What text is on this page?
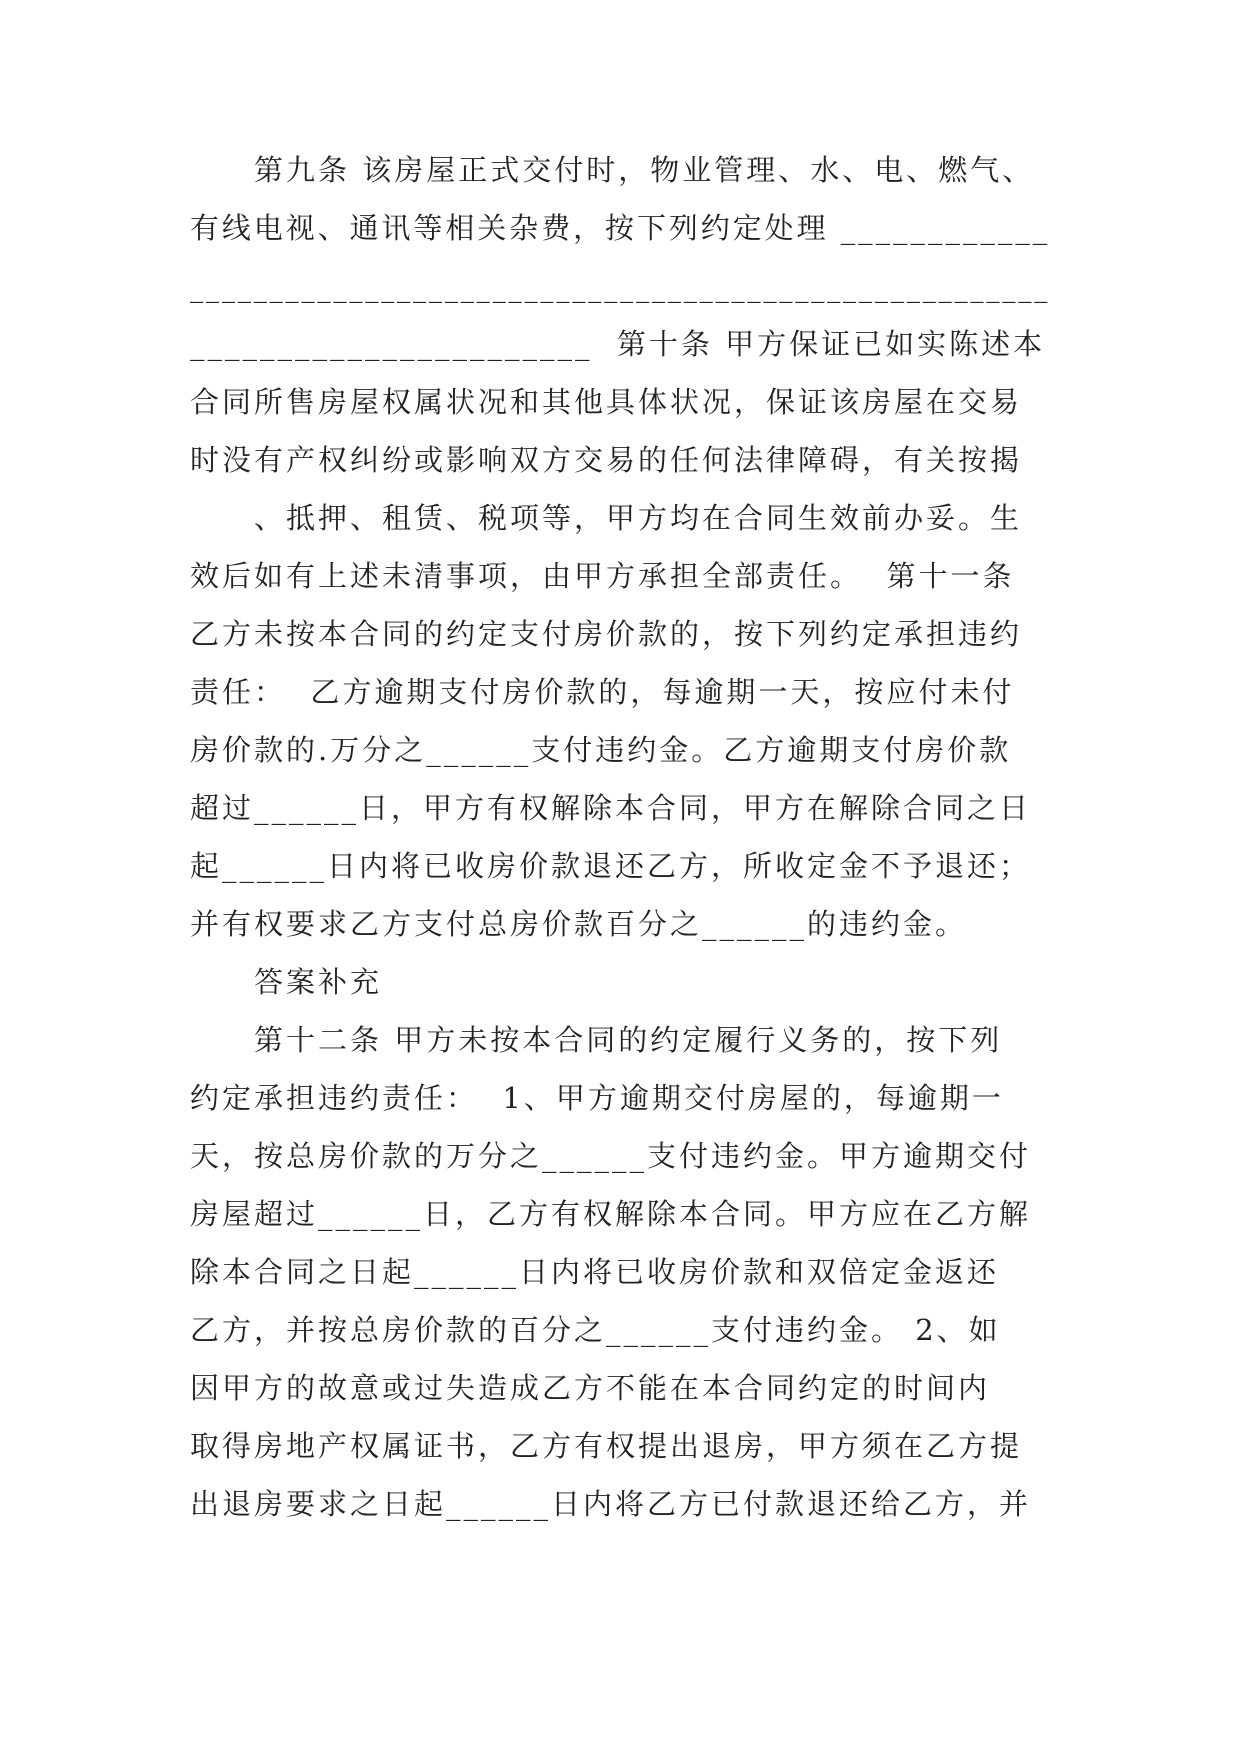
　　第九条 该房屋正式交付时，物业管理、水、电、燃气、
有线电视、通讯等相关杂费，按下列约定处理 ____________
______________________________________________________
_______________________  第十条 甲方保证已如实陈述本
合同所售房屋权属状况和其他具体状况，保证该房屋在交易
时没有产权纠纷或影响双方交易的任何法律障碍，有关按揭
　　、抵押、租赁、税项等，甲方均在合同生效前办妥。生
效后如有上述未清事项，由甲方承担全部责任。  第十一条
乙方未按本合同的约定支付房价款的，按下列约定承担违约
责任：  乙方逾期支付房价款的，每逾期一天，按应付未付
房价款的.万分之______支付违约金。乙方逾期支付房价款
超过______日，甲方有权解除本合同，甲方在解除合同之日
起______日内将已收房价款退还乙方，所收定金不予退还；
并有权要求乙方支付总房价款百分之______的违约金。
　　答案补充
　　第十二条 甲方未按本合同的约定履行义务的，按下列
约定承担违约责任：  1、甲方逾期交付房屋的，每逾期一
天，按总房价款的万分之______支付违约金。甲方逾期交付
房屋超过______日，乙方有权解除本合同。甲方应在乙方解
除本合同之日起______日内将已收房价款和双倍定金返还
乙方，并按总房价款的百分之______支付违约金。 2、如
因甲方的故意或过失造成乙方不能在本合同约定的时间内
取得房地产权属证书，乙方有权提出退房，甲方须在乙方提
出退房要求之日起______日内将乙方已付款退还给乙方，并
